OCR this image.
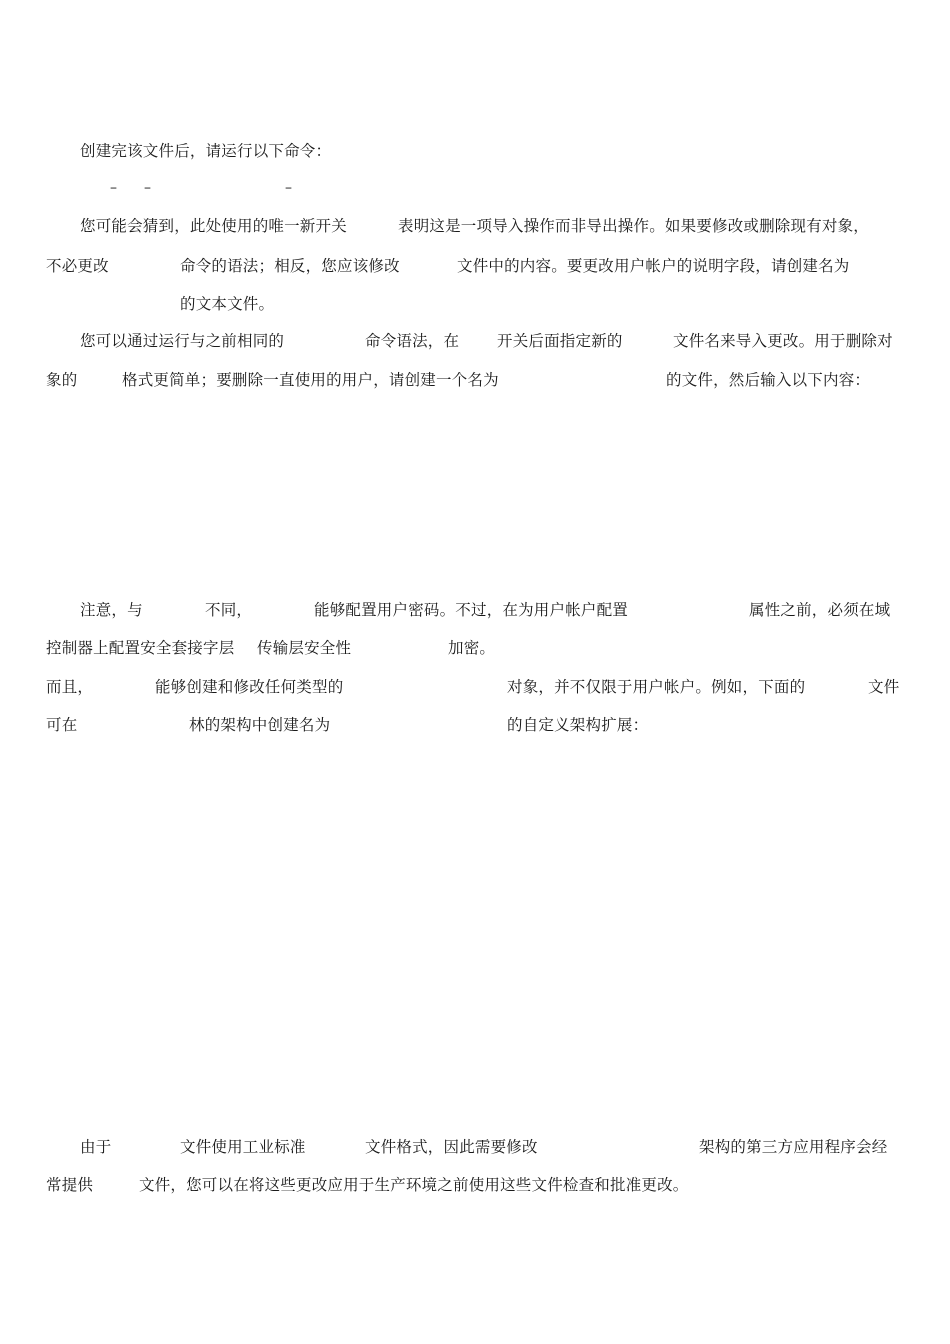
创建完该文件后，请运行以下命令：
– –	–
您可能会猜到，此处使用的唯一新开关	表明这是一项导入操作而非导出操作。如果要修改或删除现有对象，
不必更改	命令的语法；相反，您应该修改	文件中的内容。要更改用户帐户的说明字段，请创建名为
的文本文件。
您可以通过运行与之前相同的	命令语法，在 开关后面指定新的	文件名来导入更改。用于删除对
象的	格式更简单；要删除一直使用的用户，请创建一个名为	的文件，然后输入以下内容：
注意，与	不同，	能够配置用户密码。不过，在为用户帐户配置	属性之前，必须在域
控制器上配置安全套接字层 传输层安全性	加密。
而且，	能够创建和修改任何类型的	对象，并不仅限于用户帐户。例如，下面的	文件
可在	林的架构中创建名为	的自定义架构扩展：
由于	文件使用工业标准	文件格式，因此需要修改	架构的第三方应用程序会经
常提供	文件，您可以在将这些更改应用于生产环境之前使用这些文件检查和批准更改。
